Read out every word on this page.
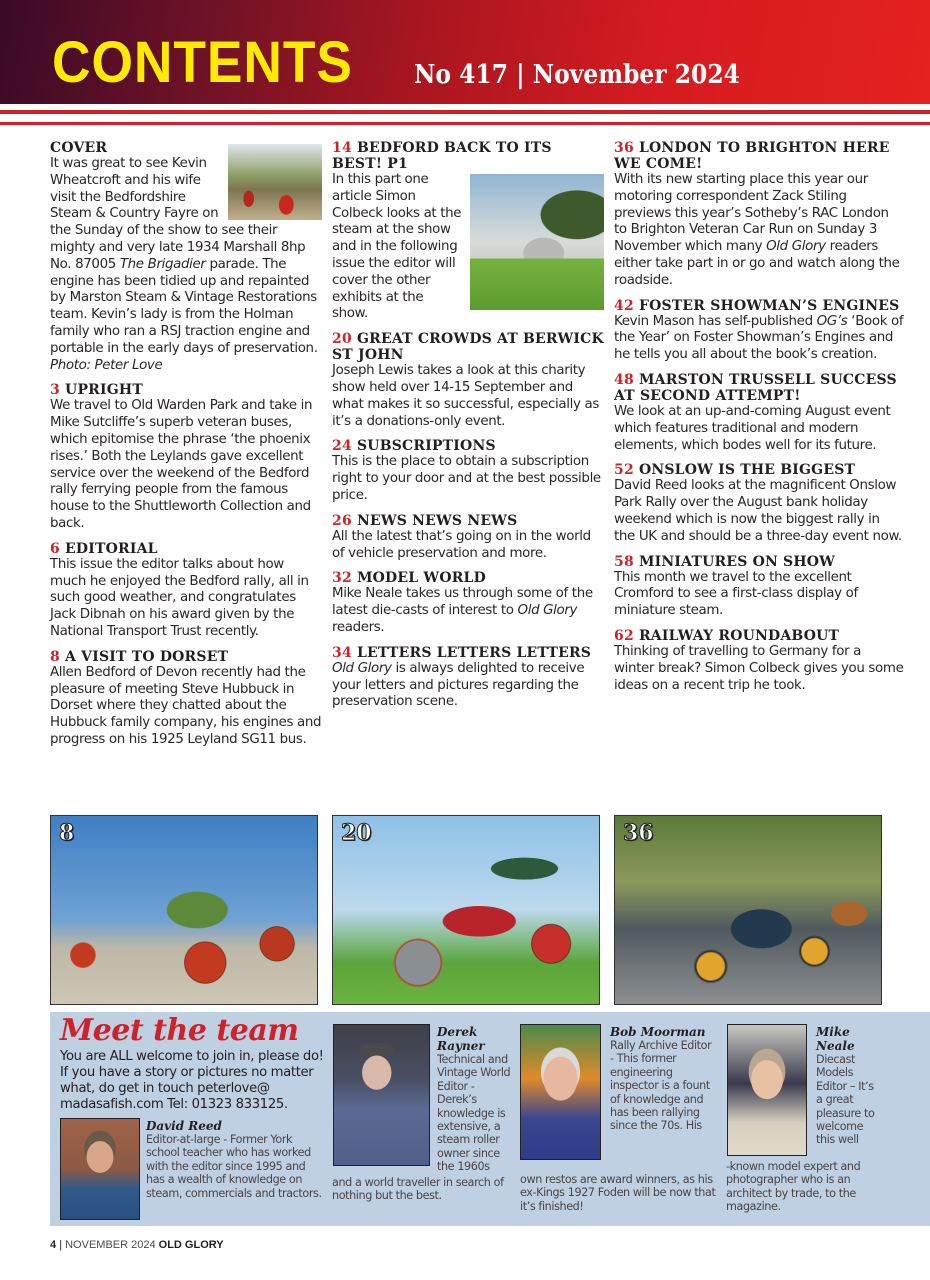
CONTENTS No 417 | November 2024
COVER
It was great to see Kevin Wheatcroft and his wife visit the Bedfordshire Steam & Country Fayre on the Sunday of the show to see their mighty and very late 1934 Marshall 8hp No. 87005 The Brigadier parade. The engine has been tidied up and repainted by Marston Steam & Vintage Restorations team. Kevin’s lady is from the Holman family who ran a RSJ traction engine and portable in the early days of preservation. Photo: Peter Love
3 UPRIGHT
We travel to Old Warden Park and take in Mike Sutcliffe’s superb veteran buses, which epitomise the phrase ‘the phoenix rises.’ Both the Leylands gave excellent service over the weekend of the Bedford rally ferrying people from the famous house to the Shuttleworth Collection and back.
6 EDITORIAL
This issue the editor talks about how much he enjoyed the Bedford rally, all in such good weather, and congratulates Jack Dibnah on his award given by the National Transport Trust recently.
8 A VISIT TO DORSET
Allen Bedford of Devon recently had the pleasure of meeting Steve Hubbuck in Dorset where they chatted about the Hubbuck family company, his engines and progress on his 1925 Leyland SG11 bus.
14 BEDFORD BACK TO ITS BEST! P1
In this part one article Simon Colbeck looks at the steam at the show and in the following issue the editor will cover the other exhibits at the show.
20 GREAT CROWDS AT BERWICK ST JOHN
Joseph Lewis takes a look at this charity show held over 14-15 September and what makes it so successful, especially as it’s a donations-only event.
24 SUBSCRIPTIONS
This is the place to obtain a subscription right to your door and at the best possible price.
26 NEWS NEWS NEWS
All the latest that’s going on in the world of vehicle preservation and more.
32 MODEL WORLD
Mike Neale takes us through some of the latest die-casts of interest to Old Glory readers.
34 LETTERS LETTERS LETTERS
Old Glory is always delighted to receive your letters and pictures regarding the preservation scene.
36 LONDON TO BRIGHTON HERE WE COME!
With its new starting place this year our motoring correspondent Zack Stiling previews this year’s Sotheby’s RAC London to Brighton Veteran Car Run on Sunday 3 November which many Old Glory readers either take part in or go and watch along the roadside.
42 FOSTER SHOWMAN’S ENGINES
Kevin Mason has self-published OG’s ‘Book of the Year’ on Foster Showman’s Engines and he tells you all about the book’s creation.
48 MARSTON TRUSSELL SUCCESS AT SECOND ATTEMPT!
We look at an up-and-coming August event which features traditional and modern elements, which bodes well for its future.
52 ONSLOW IS THE BIGGEST
David Reed looks at the magnificent Onslow Park Rally over the August bank holiday weekend which is now the biggest rally in the UK and should be a three-day event now.
58 MINIATURES ON SHOW
This month we travel to the excellent Cromford to see a first-class display of miniature steam.
62 RAILWAY ROUNDABOUT
Thinking of travelling to Germany for a winter break? Simon Colbeck gives you some ideas on a recent trip he took.
8	20	36
Meet the team
You are ALL welcome to join in, please do! If you have a story or pictures no matter what, do get in touch peterlove@ madasafish.com Tel: 01323 833125.
David Reed
Editor-at-large - Former York school teacher who has worked with the editor since 1995 and has a wealth of knowledge on steam, commercials and tractors.
Derek Rayner
Technical and Vintage World Editor - Derek’s knowledge is extensive, a steam roller owner since the 1960s
and a world traveller in search of nothing but the best.
Bob Moorman
Rally Archive Editor - This former engineering inspector is a fount of knowledge and has been rallying since the 70s. His
own restos are award winners, as his ex-Kings 1927 Foden will be now that it’s finished!
Mike Neale
Diecast Models Editor – It’s a great pleasure to welcome this well
-known model expert and photographer who is an architect by trade, to the magazine.
4 | NOVEMBER 2024 OLD GLORY
